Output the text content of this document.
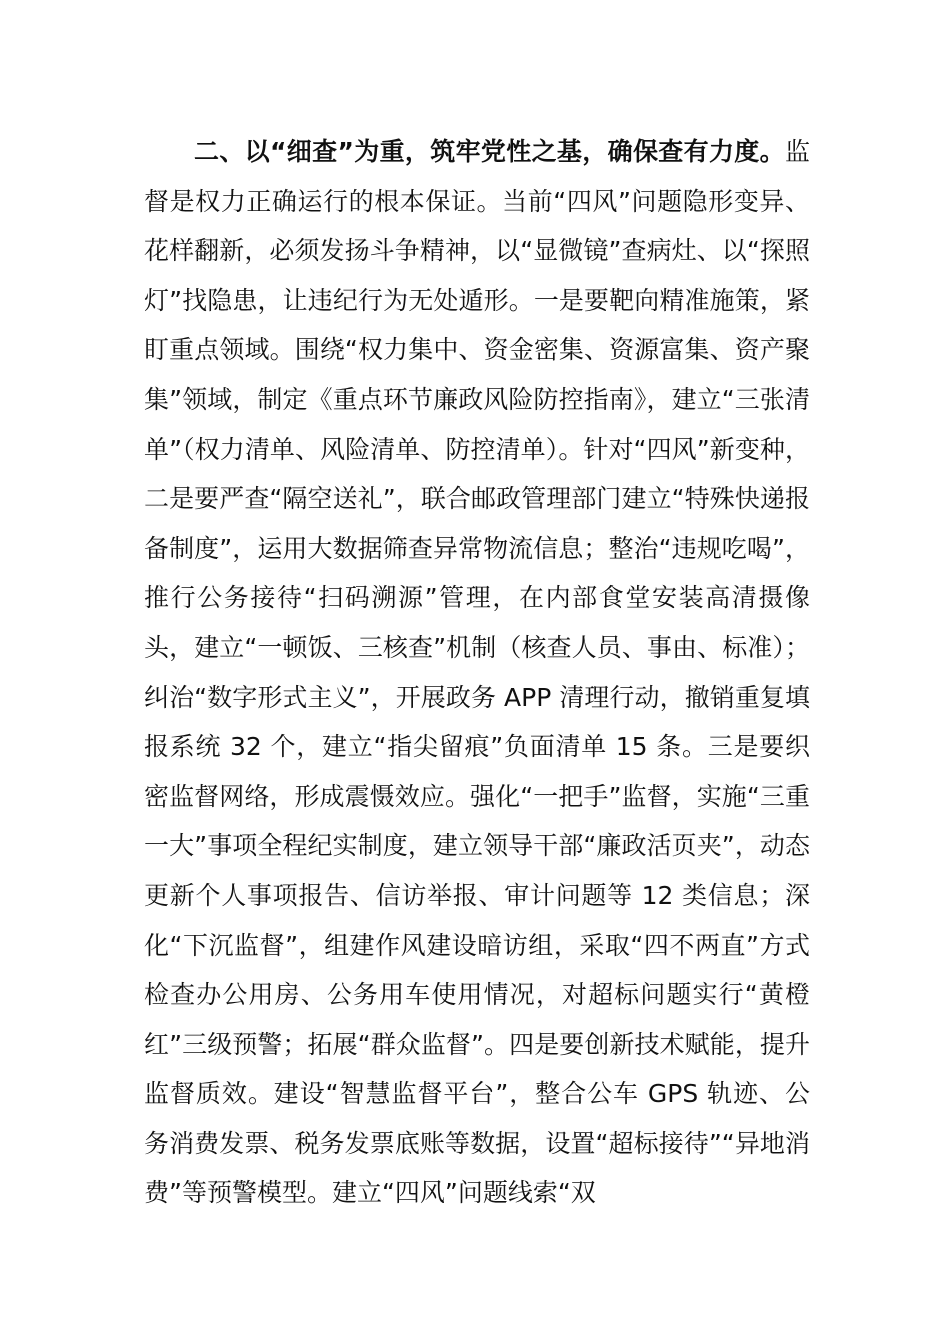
二、以“细查”为重，筑牢党性之基，确保查有力度。监督是权力正确运行的根本保证。当前“四风”问题隐形变异、花样翻新，必须发扬斗争精神，以“显微镜”查病灶、以“探照灯”找隐患，让违纪行为无处遁形。一是要靶向精准施策，紧盯重点领域。围绕“权力集中、资金密集、资源富集、资产聚集”领域，制定《重点环节廉政风险防控指南》，建立“三张清单”（权力清单、风险清单、防控清单）。针对“四风”新变种，二是要严查“隔空送礼”，联合邮政管理部门建立“特殊快递报备制度”，运用大数据筛查异常物流信息；整治“违规吃喝”，推行公务接待“扫码溯源”管理，在内部食堂安装高清摄像头，建立“一顿饭、三核查”机制（核查人员、事由、标准）；纠治“数字形式主义”，开展政务 APP 清理行动，撤销重复填报系统 32 个，建立“指尖留痕”负面清单 15 条。三是要织密监督网络，形成震慑效应。强化“一把手”监督，实施“三重一大”事项全程纪实制度，建立领导干部“廉政活页夹”，动态更新个人事项报告、信访举报、审计问题等 12 类信息；深化“下沉监督”，组建作风建设暗访组，采取“四不两直”方式检查办公用房、公务用车使用情况，对超标问题实行“黄橙红”三级预警；拓展“群众监督”。四是要创新技术赋能，提升监督质效。建设“智慧监督平台”，整合公车 GPS 轨迹、公务消费发票、税务发票底账等数据，设置“超标接待”“异地消费”等预警模型。建立“四风”问题线索“双
